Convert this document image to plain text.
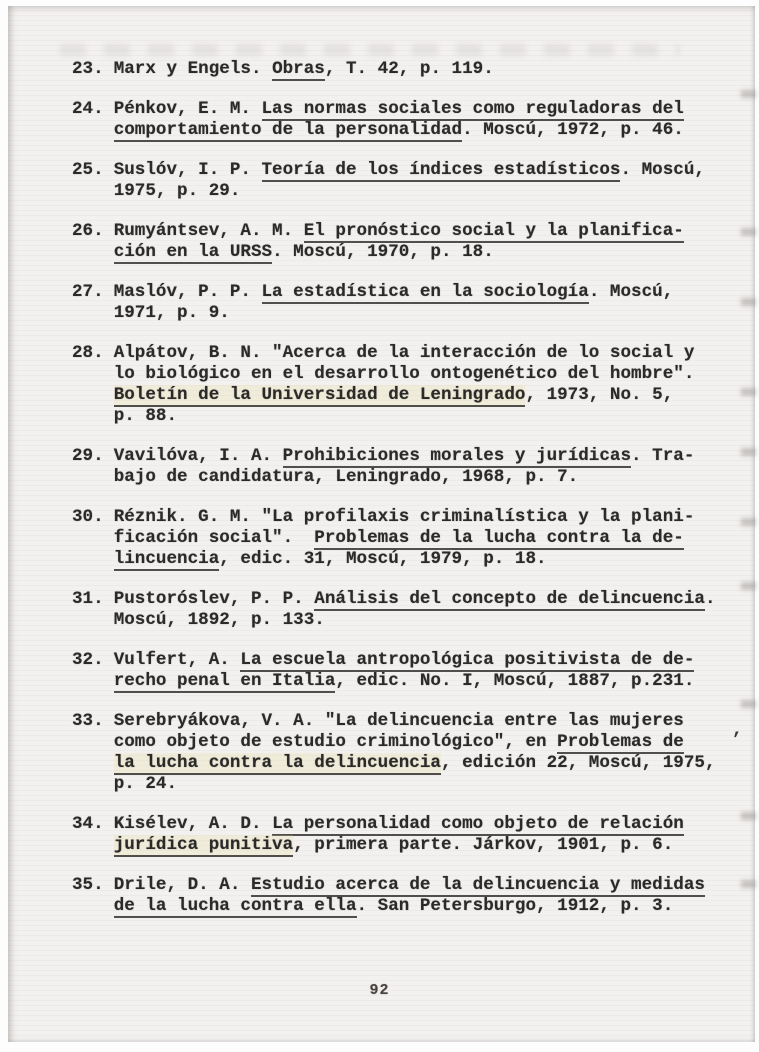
23. Marx y Engels. Obras, T. 42, p. 119.
24. Pénkov, E. M. Las normas sociales como reguladoras del
comportamiento de la personalidad. Moscú, 1972, p. 46.
25. Suslóv, I. P. Teoría de los índices estadísticos. Moscú,
1975, p. 29.
26. Rumyántsev, A. M. El pronóstico social y la planifica-
ción en la URSS. Moscú, 1970, p. 18.
27. Maslóv, P. P. La estadística en la sociología. Moscú,
1971, p. 9.
28. Alpátov, B. N. "Acerca de la interacción de lo social y
lo biológico en el desarrollo ontogenético del hombre".
Boletín de la Universidad de Leningrado, 1973, No. 5,
p. 88.
29. Vavilóva, I. A. Prohibiciones morales y jurídicas. Tra-
bajo de candidatura, Leningrado, 1968, p. 7.
30. Réznik. G. M. "La profilaxis criminalística y la plani-
ficación social".  Problemas de la lucha contra la de-
lincuencia, edic. 31, Moscú, 1979, p. 18.
31. Pustoróslev, P. P. Análisis del concepto de delincuencia.
Moscú, 1892, p. 133.
32. Vulfert, A. La escuela antropológica positivista de de-
recho penal en Italia, edic. No. I, Moscú, 1887, p.231.
33. Serebryákova, V. A. "La delincuencia entre las mujeres
como objeto de estudio criminológico", en Problemas de
la lucha contra la delincuencia, edición 22, Moscú, 1975,
p. 24.
34. Kisélev, A. D. La personalidad como objeto de relación
jurídica punitiva, primera parte. Járkov, 1901, p. 6.
35. Drile, D. A. Estudio acerca de la delincuencia y medidas
de la lucha contra ella. San Petersburgo, 1912, p. 3.
92
’
